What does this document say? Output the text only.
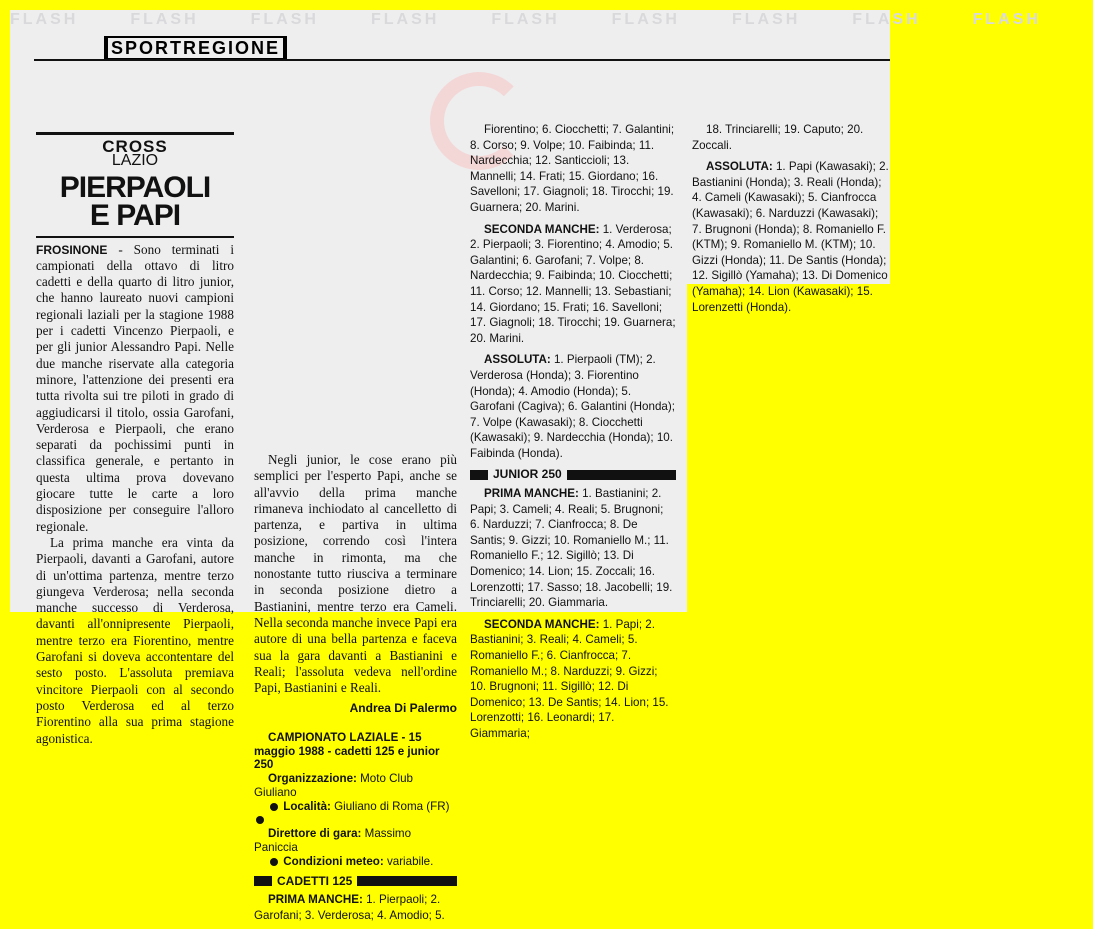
FLASH	FLASH	FLASH	FLASH	FLASH	FLASH	FLASH	FLASH	FLASH
SPORTREGIONE
CROSS
LAZIO
PIERPAOLI
E PAPI

FROSINONE - Sono terminati i campionati della ottavo di litro cadetti e della quarto di litro junior, che hanno laureato nuovi campioni regionali laziali per la stagione 1988 per i cadetti Vincenzo Pierpaoli, e per gli junior Alessandro Papi. Nelle due manche riservate alla categoria minore, l'attenzione dei presenti era tutta rivolta sui tre piloti in grado di aggiudicarsi il titolo, ossia Garofani, Verderosa e Pierpaoli, che erano separati da pochissimi punti in classifica generale, e pertanto in questa ultima prova dovevano giocare tutte le carte a loro disposizione per conseguire l'alloro regionale.

La prima manche era vinta da Pierpaoli, davanti a Garofani, autore di un'ottima partenza, mentre terzo giungeva Verderosa; nella seconda manche successo di Verderosa, davanti all'onnipresente Pierpaoli, mentre terzo era Fiorentino, mentre Garofani si doveva accontentare del sesto posto. L'assoluta premiava vincitore Pierpaoli con al secondo posto Verderosa ed al terzo Fiorentino alla sua prima stagione agonistica.

Negli junior, le cose erano più semplici per l'esperto Papi, anche se all'avvio della prima manche rimaneva inchiodato al cancelletto di partenza, e partiva in ultima posizione, correndo così l'intera manche in rimonta, ma che nonostante tutto riusciva a terminare in seconda posizione dietro a Bastianini, mentre terzo era Cameli. Nella seconda manche invece Papi era autore di una bella partenza e faceva sua la gara davanti a Bastianini e Reali; l'assoluta vedeva nell'ordine Papi, Bastianini e Reali.

Andrea Di Palermo

CAMPIONATO LAZIALE - 15 maggio 1988 - cadetti 125 e junior 250

Organizzazione: Moto Club Giuliano

Località: Giuliano di Roma (FR)

Direttore di gara: Massimo Paniccia

Condizioni meteo: variabile.

CADETTI 125

PRIMA MANCHE: 1. Pierpaoli; 2. Garofani; 3. Verderosa; 4. Amodio; 5.

Fiorentino; 6. Ciocchetti; 7. Galantini; 8. Corso; 9. Volpe; 10. Faibinda; 11. Nardecchia; 12. Santiccioli; 13. Mannelli; 14. Frati; 15. Giordano; 16. Savelloni; 17. Giagnoli; 18. Tirocchi; 19. Guarnera; 20. Marini.

SECONDA MANCHE: 1. Verderosa; 2. Pierpaoli; 3. Fiorentino; 4. Amodio; 5. Galantini; 6. Garofani; 7. Volpe; 8. Nardecchia; 9. Faibinda; 10. Ciocchetti; 11. Corso; 12. Mannelli; 13. Sebastiani; 14. Giordano; 15. Frati; 16. Savelloni; 17. Giagnoli; 18. Tirocchi; 19. Guarnera; 20. Marini.

ASSOLUTA: 1. Pierpaoli (TM); 2. Verderosa (Honda); 3. Fiorentino (Honda); 4. Amodio (Honda); 5. Garofani (Cagiva); 6. Galantini (Honda); 7. Volpe (Kawasaki); 8. Ciocchetti (Kawasaki); 9. Nardecchia (Honda); 10. Faibinda (Honda).

JUNIOR 250

PRIMA MANCHE: 1. Bastianini; 2. Papi; 3. Cameli; 4. Reali; 5. Brugnoni; 6. Narduzzi; 7. Cianfrocca; 8. De Santis; 9. Gizzi; 10. Romaniello M.; 11. Romaniello F.; 12. Sigillò; 13. Di Domenico; 14. Lion; 15. Zoccali; 16. Lorenzotti; 17. Sasso; 18. Jacobelli; 19. Trinciarelli; 20. Giammaria.

SECONDA MANCHE: 1. Papi; 2. Bastianini; 3. Reali; 4. Cameli; 5. Romaniello F.; 6. Cianfrocca; 7. Romaniello M.; 8. Narduzzi; 9. Gizzi; 10. Brugnoni; 11. Sigillò; 12. Di Domenico; 13. De Santis; 14. Lion; 15. Lorenzotti; 16. Leonardi; 17. Giammaria;

18. Trinciarelli; 19. Caputo; 20. Zoccali.

ASSOLUTA: 1. Papi (Kawasaki); 2. Bastianini (Honda); 3. Reali (Honda); 4. Cameli (Kawasaki); 5. Cianfrocca (Kawasaki); 6. Narduzzi (Kawasaki); 7. Brugnoni (Honda); 8. Romaniello F. (KTM); 9. Romaniello M. (KTM); 10. Gizzi (Honda); 11. De Santis (Honda); 12. Sigillò (Yamaha); 13. Di Domenico (Yamaha); 14. Lion (Kawasaki); 15. Lorenzetti (Honda).
